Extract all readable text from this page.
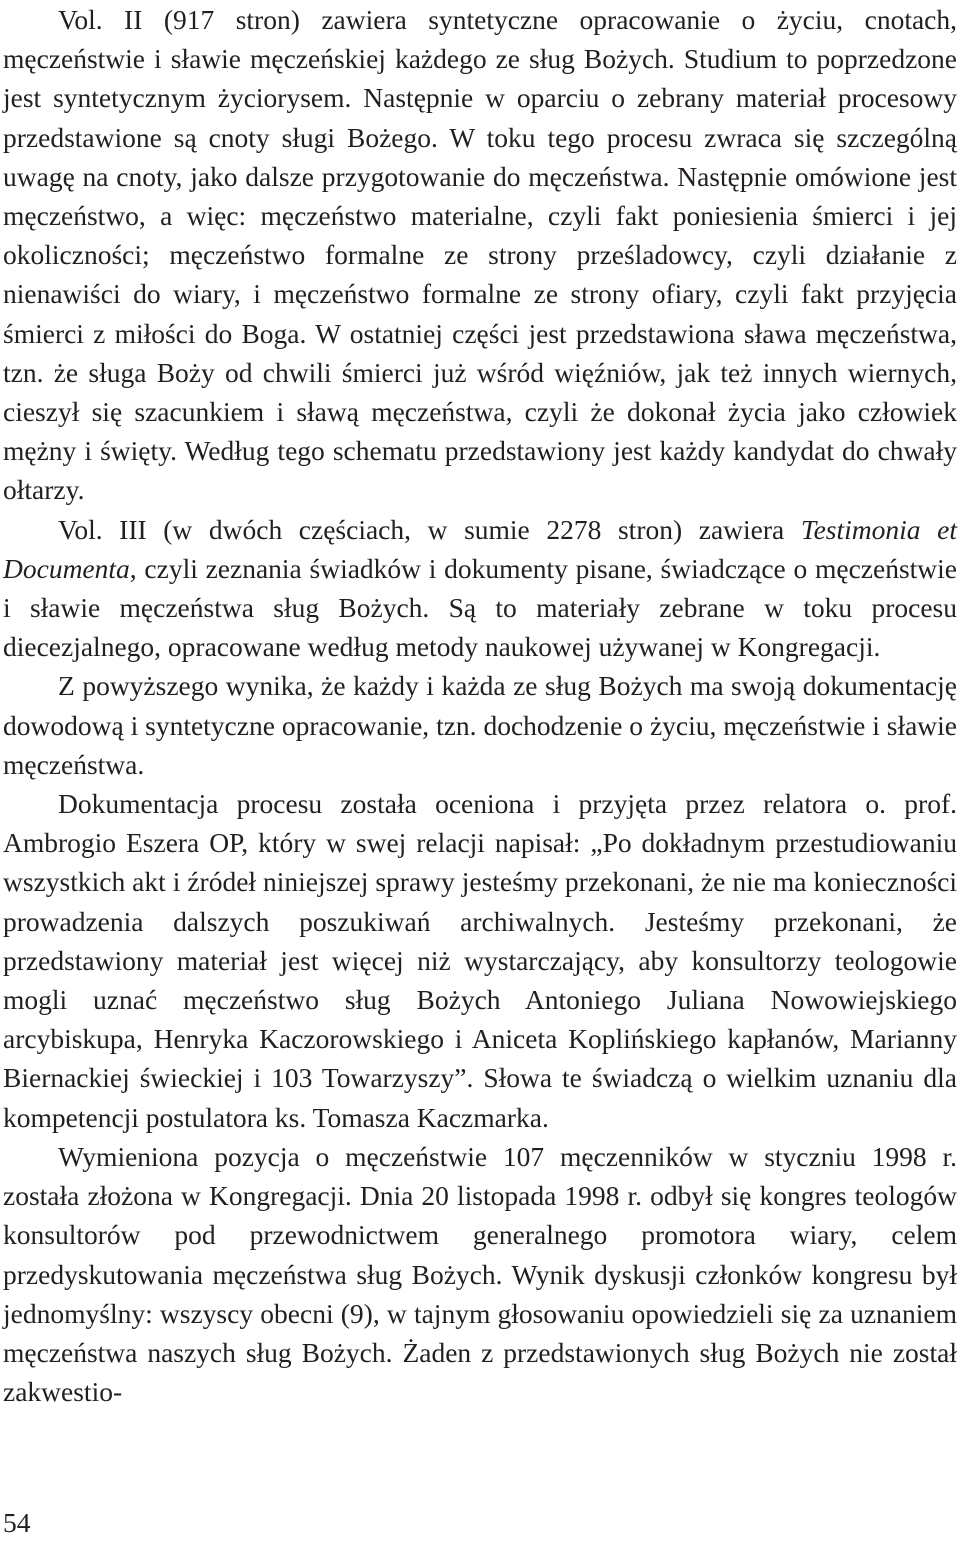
Vol. II (917 stron) zawiera syntetyczne opracowanie o życiu, cnotach, męczeństwie i sławie męczeńskiej każdego ze sług Bożych. Studium to poprzedzone jest syntetycznym życiorysem. Następnie w oparciu o zebrany materiał procesowy przedstawione są cnoty sługi Bożego. W toku tego procesu zwraca się szczególną uwagę na cnoty, jako dalsze przygotowanie do męczeństwa. Następnie omówione jest męczeństwo, a więc: męczeństwo materialne, czyli fakt poniesienia śmierci i jej okoliczności; męczeństwo formalne ze strony prześladowcy, czyli działanie z nienawiści do wiary, i męczeństwo formalne ze strony ofiary, czyli fakt przyjęcia śmierci z miłości do Boga. W ostatniej części jest przedstawiona sława męczeństwa, tzn. że sługa Boży od chwili śmierci już wśród więźniów, jak też innych wiernych, cieszył się szacunkiem i sławą męczeństwa, czyli że dokonał życia jako człowiek mężny i święty. Według tego schematu przedstawiony jest każdy kandydat do chwały ołtarzy.

Vol. III (w dwóch częściach, w sumie 2278 stron) zawiera Testimonia et Documenta, czyli zeznania świadków i dokumenty pisane, świadczące o męczeństwie i sławie męczeństwa sług Bożych. Są to materiały zebrane w toku procesu diecezjalnego, opracowane według metody naukowej używanej w Kongregacji.

Z powyższego wynika, że każdy i każda ze sług Bożych ma swoją dokumentację dowodową i syntetyczne opracowanie, tzn. dochodzenie o życiu, męczeństwie i sławie męczeństwa.

Dokumentacja procesu została oceniona i przyjęta przez relatora o. prof. Ambrogio Eszera OP, który w swej relacji napisał: „Po dokładnym przestudiowaniu wszystkich akt i źródeł niniejszej sprawy jesteśmy przekonani, że nie ma konieczności prowadzenia dalszych poszukiwań archiwalnych. Jesteśmy przekonani, że przedstawiony materiał jest więcej niż wystarczający, aby konsultorzy teologowie mogli uznać męczeństwo sług Bożych Antoniego Juliana Nowowiejskiego arcybiskupa, Henryka Kaczorowskiego i Aniceta Koplińskiego kapłanów, Marianny Biernackiej świeckiej i 103 Towarzyszy”. Słowa te świadczą o wielkim uznaniu dla kompetencji postulatora ks. Tomasza Kaczmarka.

Wymieniona pozycja o męczeństwie 107 męczenników w styczniu 1998 r. została złożona w Kongregacji. Dnia 20 listopada 1998 r. odbył się kongres teologów konsultorów pod przewodnictwem generalnego promotora wiary, celem przedyskutowania męczeństwa sług Bożych. Wynik dyskusji członków kongresu był jednomyślny: wszyscy obecni (9), w tajnym głosowaniu opowiedzieli się za uznaniem męczeństwa naszych sług Bożych. Żaden z przedstawionych sług Bożych nie został zakwestio-

54
